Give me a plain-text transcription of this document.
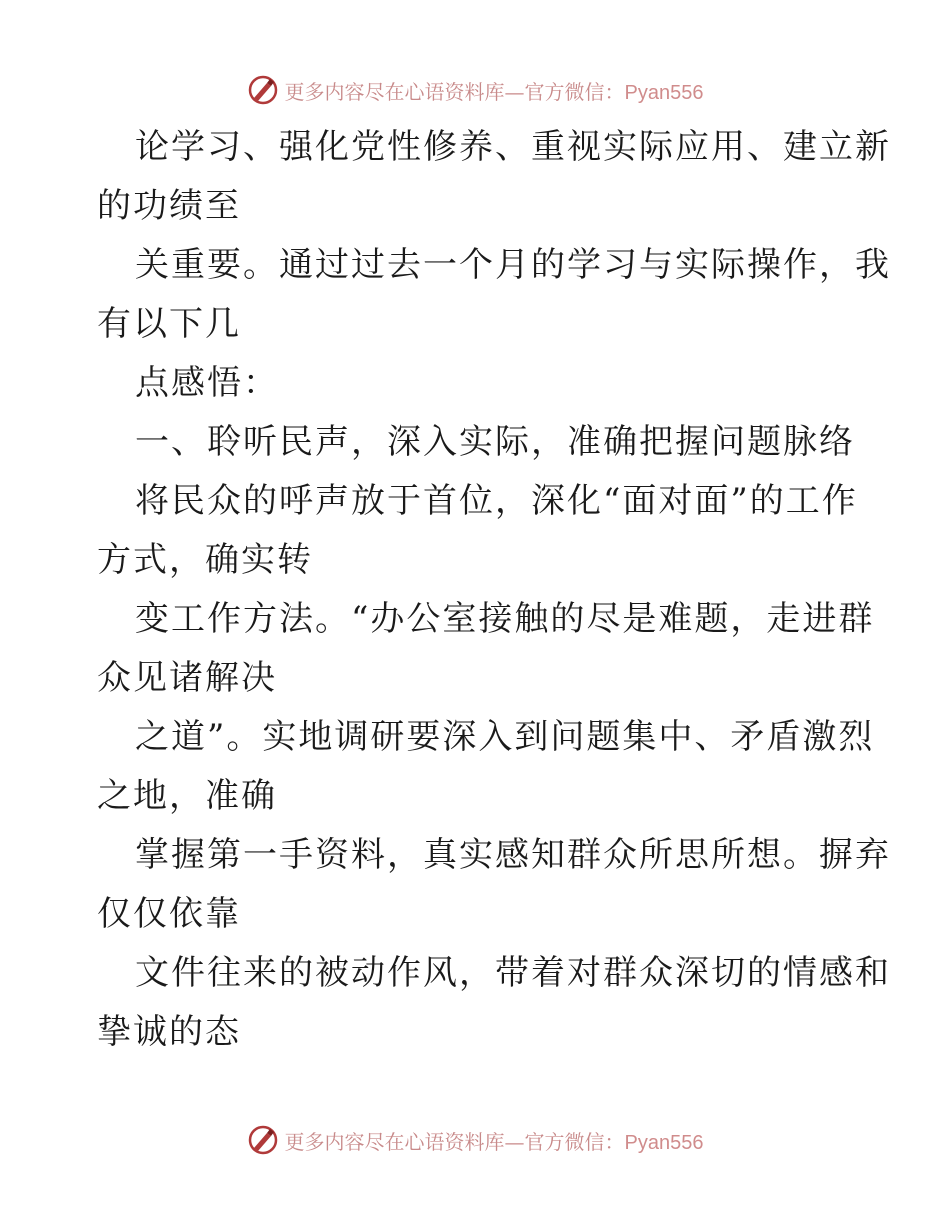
更多内容尽在心语资料库—官方微信：Pyan556
论学习、强化党性修养、重视实际应用、建立新
的功绩至
关重要。通过过去一个月的学习与实际操作，我
有以下几
点感悟：
一、聆听民声，深入实际，准确把握问题脉络
将民众的呼声放于首位，深化“面对面”的工作
方式，确实转
变工作方法。“办公室接触的尽是难题，走进群
众见诸解决
之道”。实地调研要深入到问题集中、矛盾激烈
之地，准确
掌握第一手资料，真实感知群众所思所想。摒弃
仅仅依靠
文件往来的被动作风，带着对群众深切的情感和
挚诚的态
更多内容尽在心语资料库—官方微信：Pyan556
